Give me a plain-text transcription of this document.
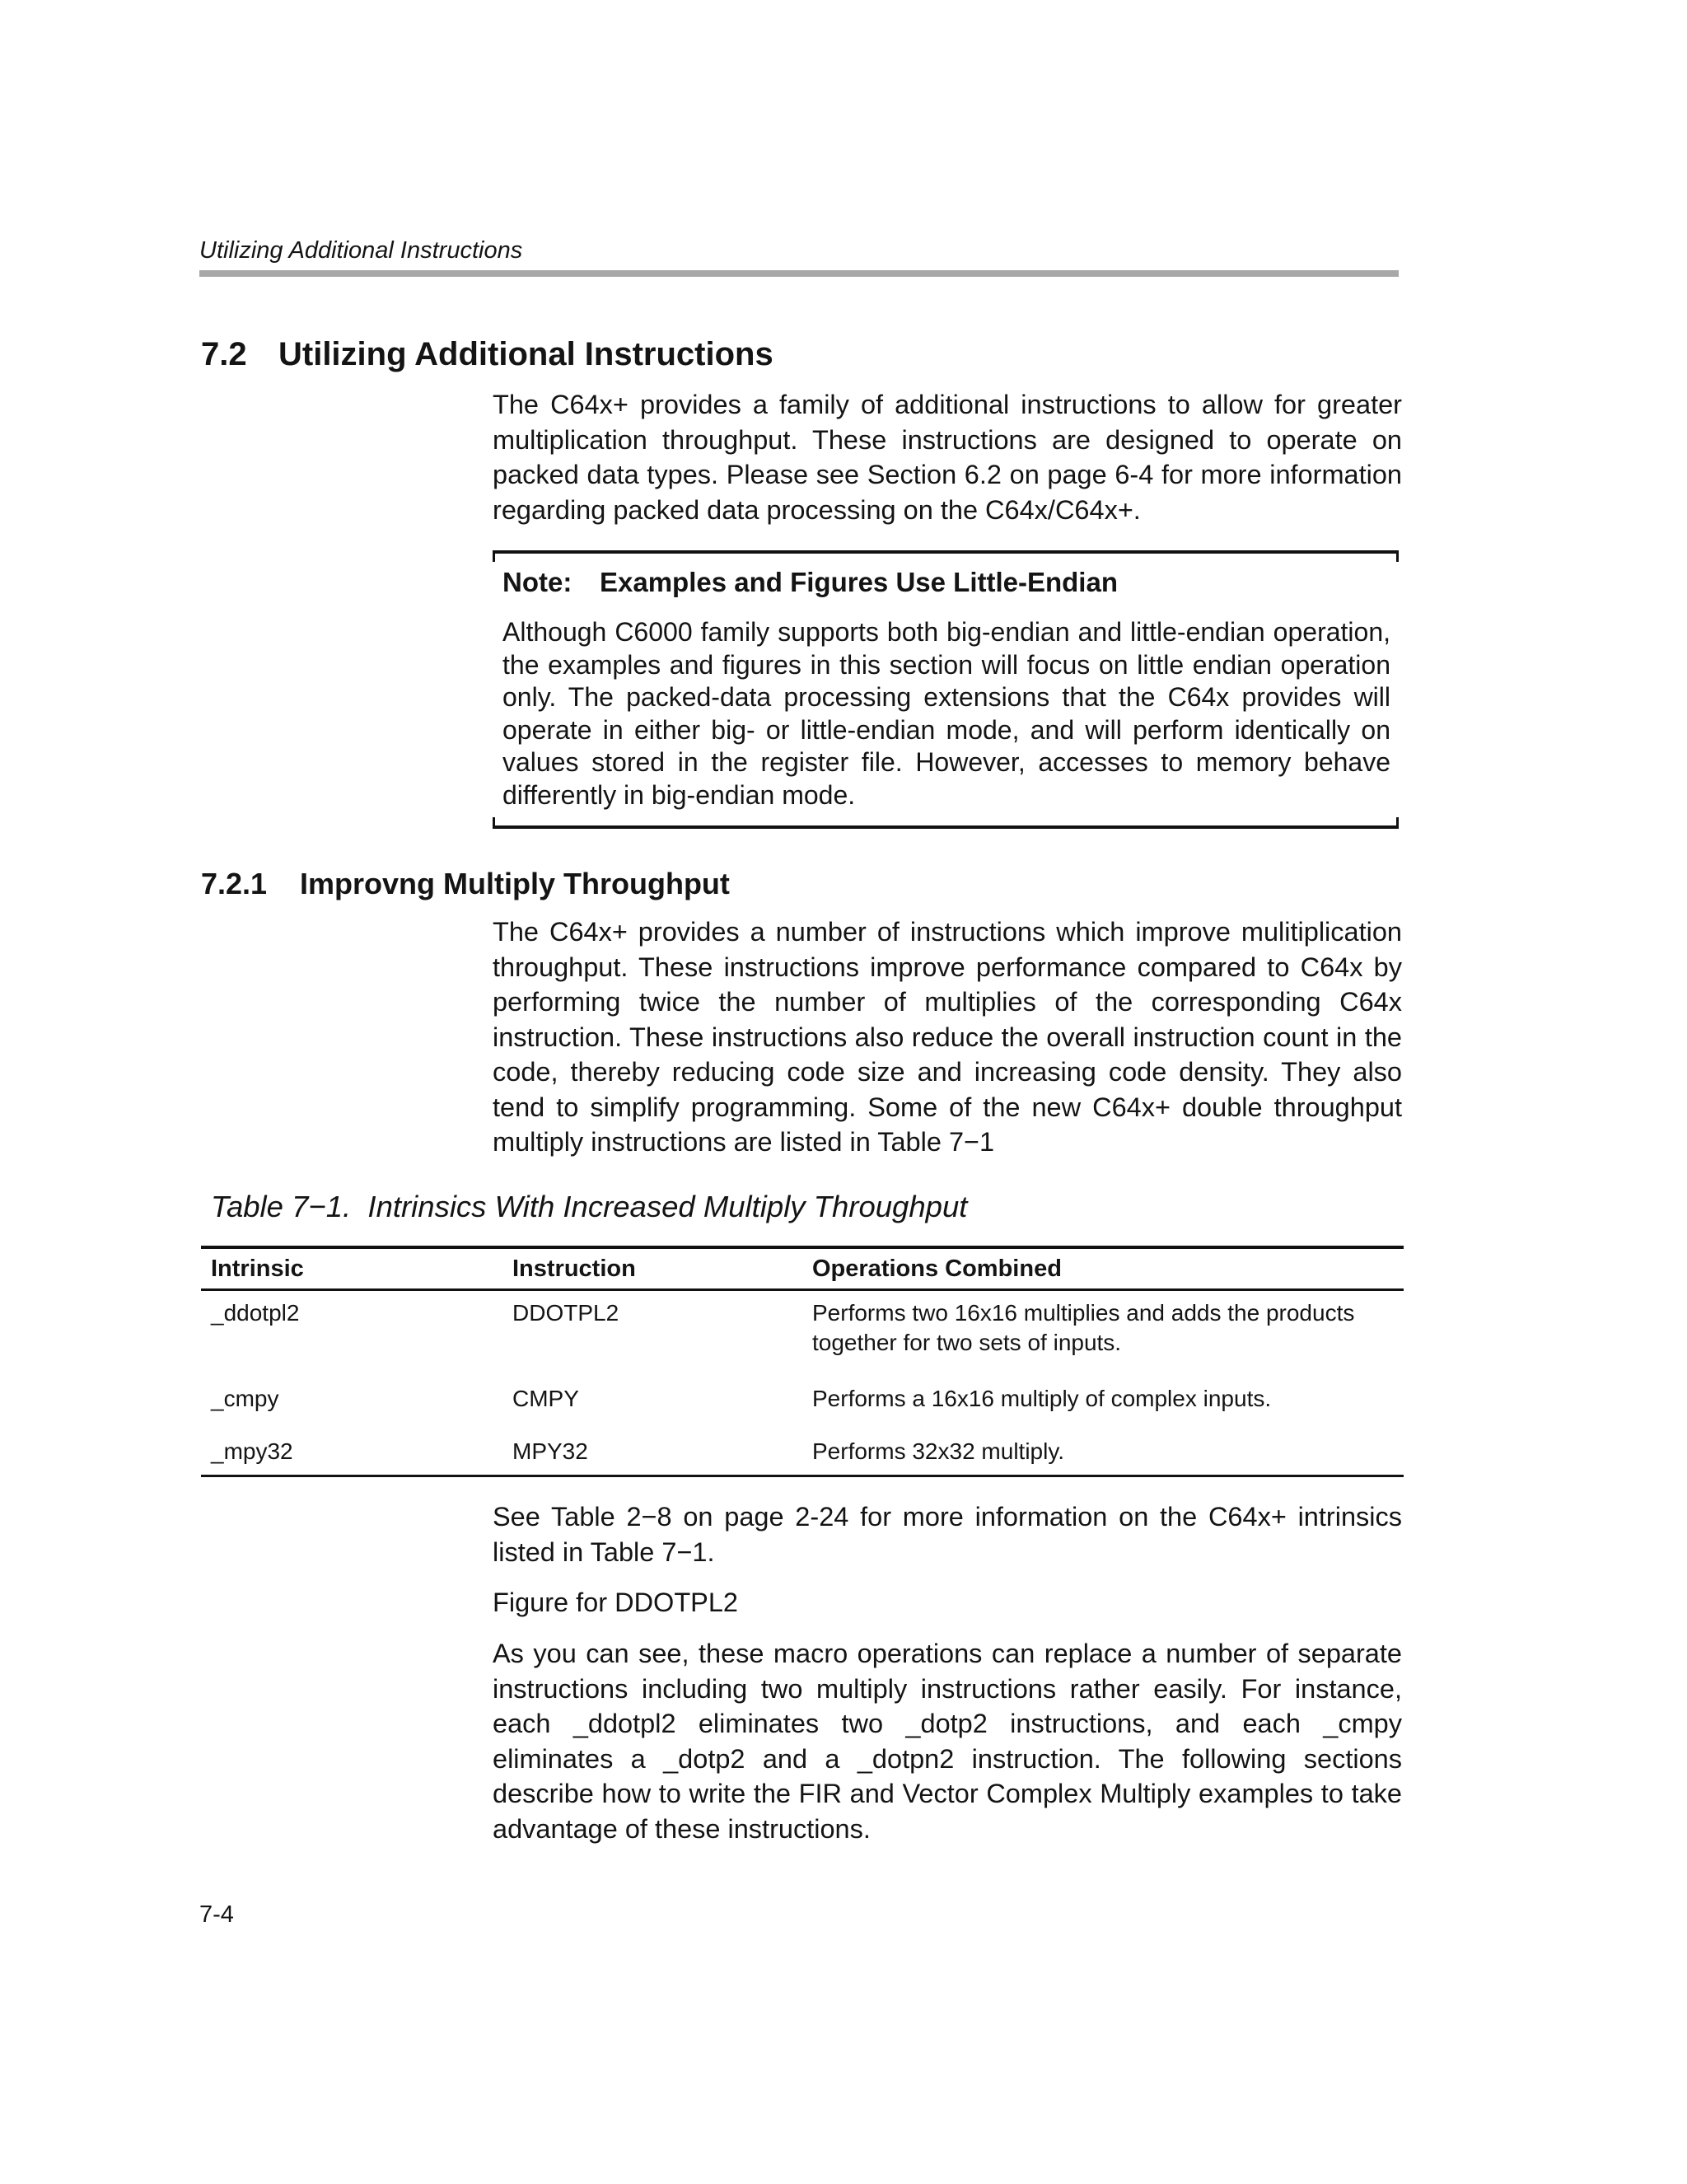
Utilizing Additional Instructions
7.2 Utilizing Additional Instructions

The C64x+ provides a family of additional instructions to allow for greater multiplication throughput. These instructions are designed to operate on packed data types. Please see Section 6.2 on page 6-4 for more information regarding packed data processing on the C64x/C64x+.

Note: Examples and Figures Use Little-Endian

Although C6000 family supports both big-endian and little-endian operation, the examples and figures in this section will focus on little endian operation only. The packed-data processing extensions that the C64x provides will operate in either big- or little-endian mode, and will perform identically on values stored in the register file. However, accesses to memory behave differently in big-endian mode.

7.2.1 Improvng Multiply Throughput

The C64x+ provides a number of instructions which improve mulitiplication throughput. These instructions improve performance compared to C64x by performing twice the number of multiplies of the corresponding C64x instruction. These instructions also reduce the overall instruction count in the code, thereby reducing code size and increasing code density. They also tend to simplify programming. Some of the new C64x+ double throughput multiply instructions are listed in Table 7−1

Table 7−1.  Intrinsics With Increased Multiply Throughput
Intrinsic	Instruction	Operations Combined
_ddotpl2	DDOTPL2	Performs two 16x16 multiplies and adds the products together for two sets of inputs.
_cmpy	CMPY	Performs a 16x16 multiply of complex inputs.
_mpy32	MPY32	Performs 32x32 multiply.

See Table 2−8 on page 2-24 for more information on the C64x+ intrinsics listed in Table 7−1.

Figure for DDOTPL2

As you can see, these macro operations can replace a number of separate instructions including two multiply instructions rather easily. For instance, each _ddotpl2 eliminates two _dotp2 instructions, and each _cmpy eliminates a _dotp2 and a _dotpn2 instruction. The following sections describe how to write the FIR and Vector Complex Multiply examples to take advantage of these instructions.

7-4
